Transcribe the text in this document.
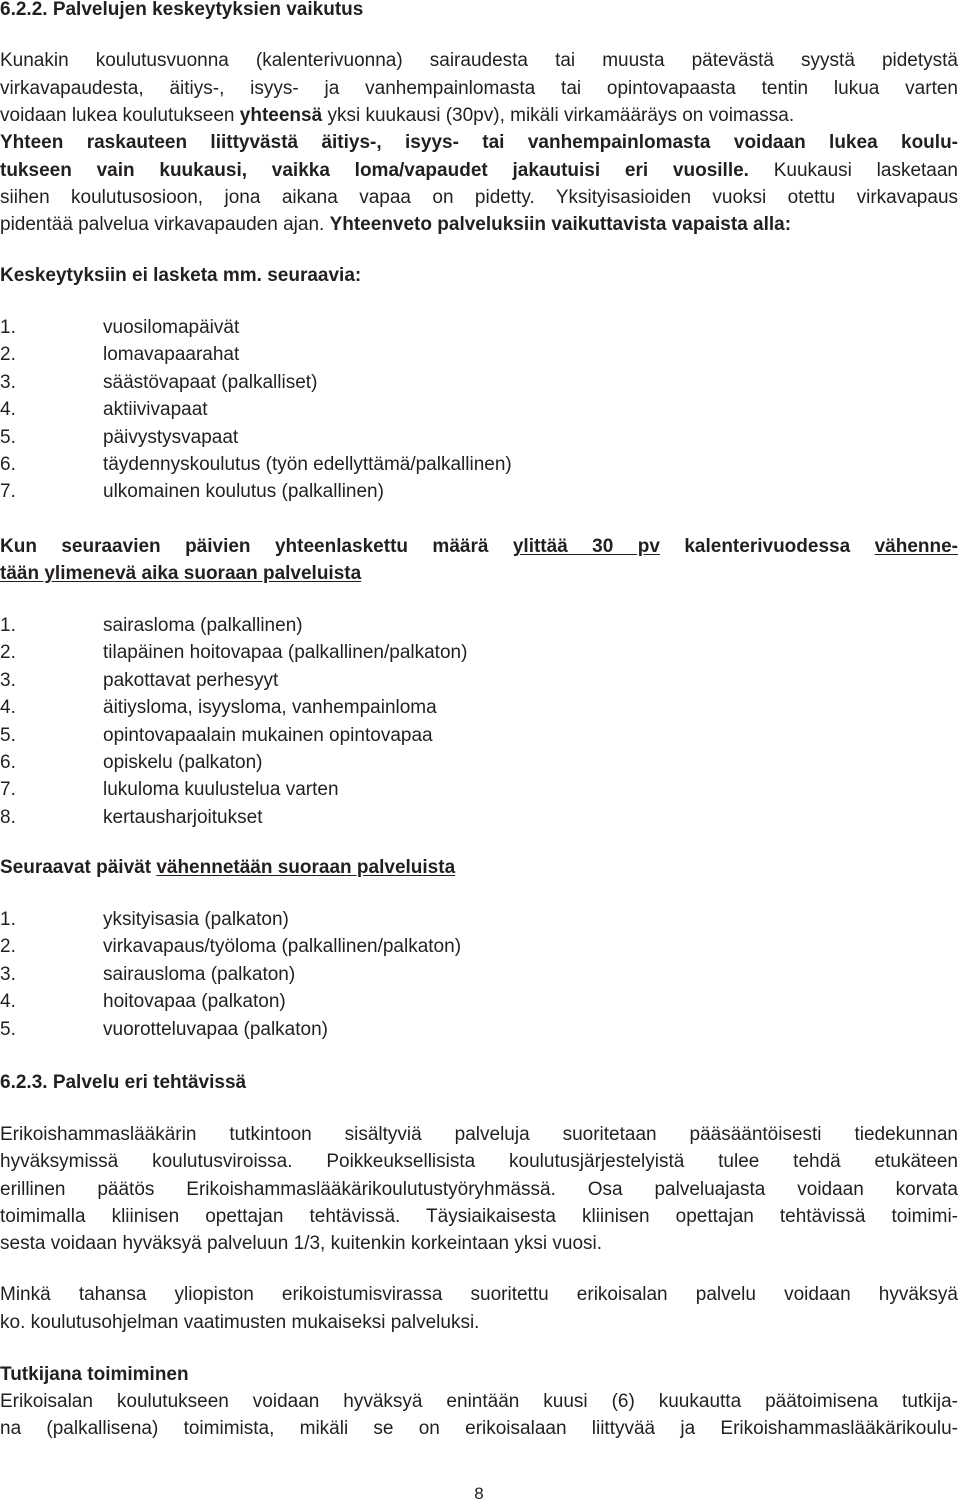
6.2.2. Palvelujen keskeytyksien vaikutus
Kunakin koulutusvuonna (kalenterivuonna) sairaudesta tai muusta pätevästä syystä pidetystä
virkavapaudesta, äitiys-, isyys- ja vanhempainlomasta tai opintovapaasta tentin lukua varten
voidaan lukea koulutukseen yhteensä yksi kuukausi (30pv), mikäli virkamääräys on voimassa.
Yhteen raskauteen liittyvästä äitiys-, isyys- tai vanhempainlomasta voidaan lukea koulu-
tukseen vain kuukausi, vaikka loma/vapaudet jakautuisi eri vuosille. Kuukausi lasketaan
siihen koulutusosioon, jona aikana vapaa on pidetty. Yksityisasioiden vuoksi otettu virkavapaus
pidentää palvelua virkavapauden ajan. Yhteenveto palveluksiin vaikuttavista vapaista alla:
Keskeytyksiin ei lasketa mm. seuraavia:
1.	vuosilomapäivät
2.	lomavapaarahat
3.	säästövapaat (palkalliset)
4.	aktiivivapaat
5.	päivystysvapaat
6.	täydennyskoulutus (työn edellyttämä/palkallinen)
7.	ulkomainen koulutus (palkallinen)
Kun seuraavien päivien yhteenlaskettu määrä ylittää 30 pv kalenterivuodessa vähenne-
tään ylimenevä aika suoraan palveluista
1.	sairasloma (palkallinen)
2.	tilapäinen hoitovapaa (palkallinen/palkaton)
3.	pakottavat perhesyyt
4.	äitiysloma, isyysloma, vanhempainloma
5.	opintovapaalain mukainen opintovapaa
6.	opiskelu (palkaton)
7.	lukuloma kuulustelua varten
8.	kertausharjoitukset
Seuraavat päivät vähennetään suoraan palveluista
1.	yksityisasia (palkaton)
2.	virkavapaus/työloma (palkallinen/palkaton)
3.	sairausloma (palkaton)
4.	hoitovapaa (palkaton)
5.	vuorotteluvapaa (palkaton)
6.2.3. Palvelu eri tehtävissä
Erikoishammaslääkärin tutkintoon sisältyviä palveluja suoritetaan pääsääntöisesti tiedekunnan
hyväksymissä koulutusviroissa. Poikkeuksellisista koulutusjärjestelyistä tulee tehdä etukäteen
erillinen päätös Erikoishammaslääkärikoulutustyöryhmässä. Osa palveluajasta voidaan korvata
toimimalla kliinisen opettajan tehtävissä. Täysiaikaisesta kliinisen opettajan tehtävissä toimimi-
sesta voidaan hyväksyä palveluun 1/3, kuitenkin korkeintaan yksi vuosi.
Minkä tahansa yliopiston erikoistumisvirassa suoritettu erikoisalan palvelu voidaan hyväksyä
ko. koulutusohjelman vaatimusten mukaiseksi palveluksi.
Tutkijana toimiminen
Erikoisalan koulutukseen voidaan hyväksyä enintään kuusi (6) kuukautta päätoimisena tutkija-
na (palkallisena) toimimista, mikäli se on erikoisalaan liittyvää ja Erikoishammaslääkärikoulu-
8
